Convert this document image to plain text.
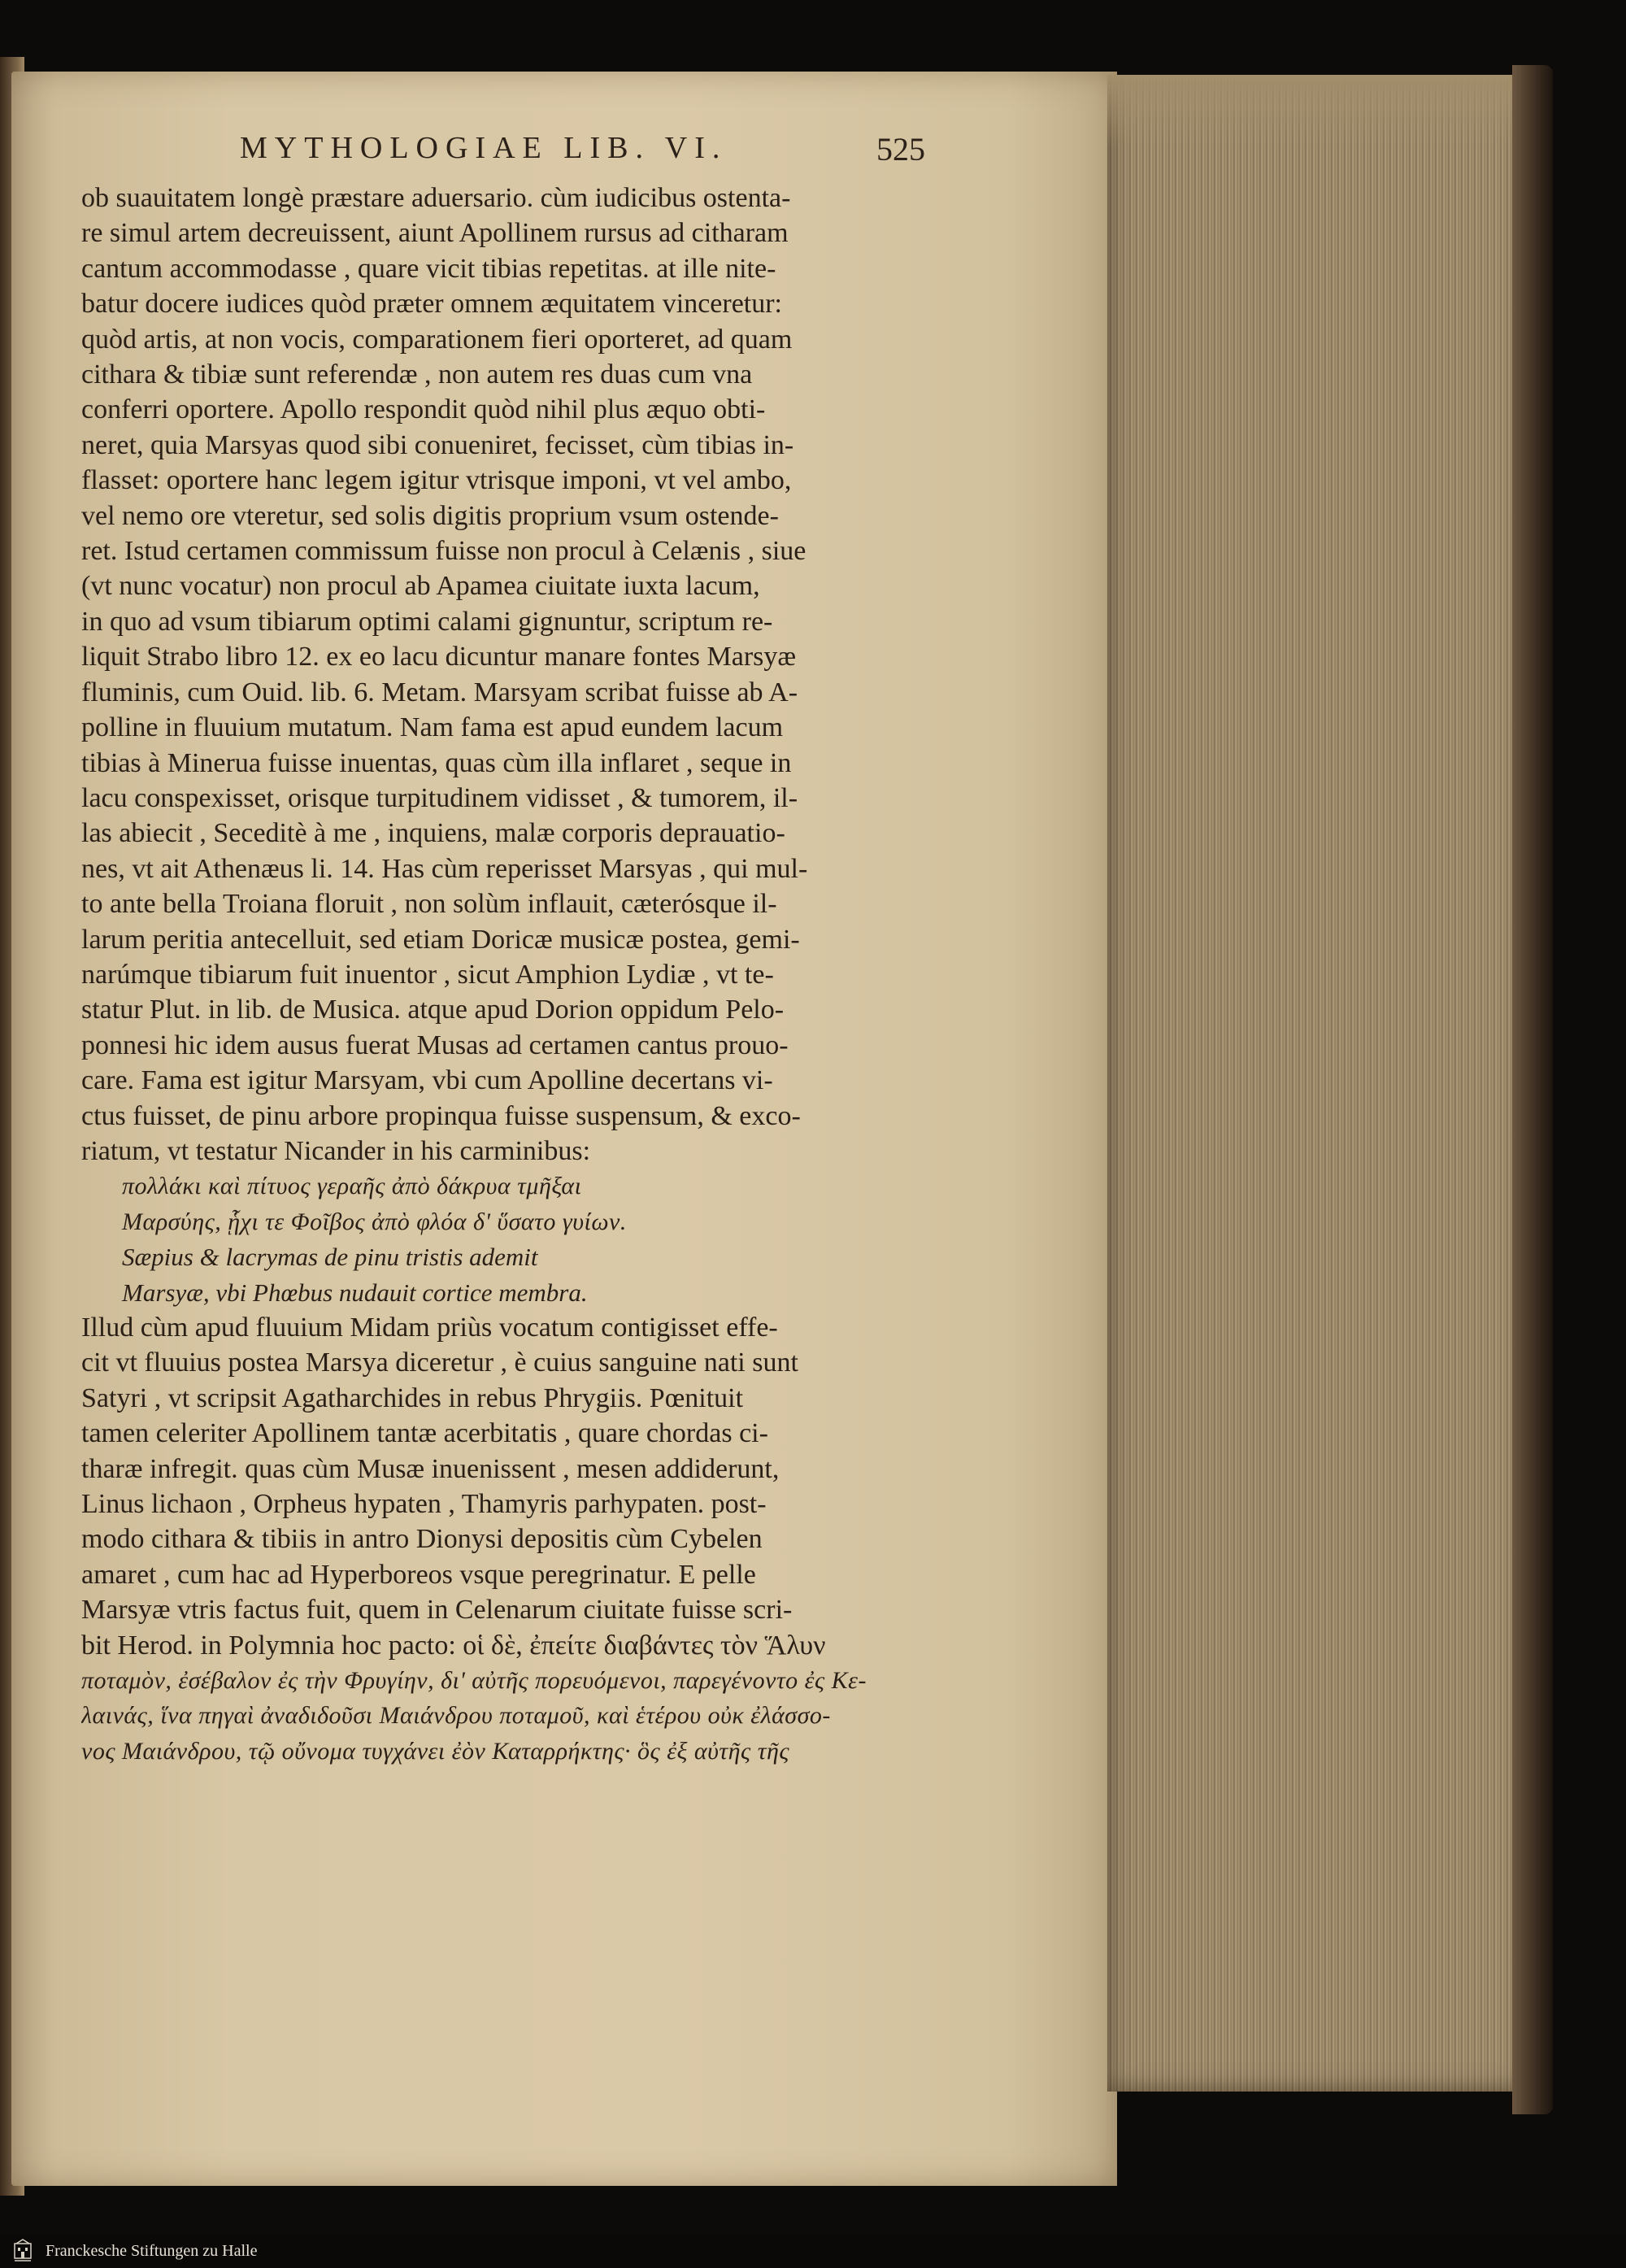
MYTHOLOGIAE LIB. VI.	525
ob suauitatem longè præstare aduersario. cùm iudicibus ostenta-
re simul artem decreuissent, aiunt Apollinem rursus ad citharam
cantum accommodasse , quare vicit tibias repetitas. at ille nite-
batur docere iudices quòd præter omnem æquitatem vinceretur:
quòd artis, at non vocis, comparationem fieri oporteret, ad quam
cithara & tibiæ sunt referendæ , non autem res duas cum vna
conferri oportere. Apollo respondit quòd nihil plus æquo obti-
neret, quia Marsyas quod sibi conueniret, fecisset, cùm tibias in-
flasset: oportere hanc legem igitur vtrisque imponi, vt vel ambo,
vel nemo ore vteretur, sed solis digitis proprium vsum ostende-
ret. Istud certamen commissum fuisse non procul à Celænis , siue
(vt nunc vocatur) non procul ab Apamea ciuitate iuxta lacum,
in quo ad vsum tibiarum optimi calami gignuntur, scriptum re-
liquit Strabo libro 12. ex eo lacu dicuntur manare fontes Marsyæ
fluminis, cum Ouid. lib. 6. Metam. Marsyam scribat fuisse ab A-
polline in fluuium mutatum. Nam fama est apud eundem lacum
tibias à Minerua fuisse inuentas, quas cùm illa inflaret , seque in
lacu conspexisset, orisque turpitudinem vidisset , & tumorem, il-
las abiecit , Seceditè à me , inquiens, malæ corporis deprauatio-
nes, vt ait Athenæus li. 14. Has cùm reperisset Marsyas , qui mul-
to ante bella Troiana floruit , non solùm inflauit, cæterósque il-
larum peritia antecelluit, sed etiam Doricæ musicæ postea, gemi-
narúmque tibiarum fuit inuentor , sicut Amphion Lydiæ , vt te-
statur Plut. in lib. de Musica. atque apud Dorion oppidum Pelo-
ponnesi hic idem ausus fuerat Musas ad certamen cantus prouo-
care. Fama est igitur Marsyam, vbi cum Apolline decertans vi-
ctus fuisset, de pinu arbore propinqua fuisse suspensum, & exco-
riatum, vt testatur Nicander in his carminibus:
πολλάκι καὶ πίτυος γεραῆς ἀπὸ δάκρυα τμῆξαι
Μαρσύης, ᾗχι τε Φοῖβος ἀπὸ φλόα δ' ὕσατο γυίων.
Sæpius & lacrymas de pinu tristis ademit
Marsyæ, vbi Phœbus nudauit cortice membra.
Illud cùm apud fluuium Midam priùs vocatum contigisset effe-
cit vt fluuius postea Marsya diceretur , è cuius sanguine nati sunt
Satyri , vt scripsit Agatharchides in rebus Phrygiis. Pœnituit
tamen celeriter Apollinem tantæ acerbitatis , quare chordas ci-
tharæ infregit. quas cùm Musæ inuenissent , mesen addiderunt,
Linus lichaon , Orpheus hypaten , Thamyris parhypaten. post-
modo cithara & tibiis in antro Dionysi depositis cùm Cybelen
amaret , cum hac ad Hyperboreos vsque peregrinatur. E pelle
Marsyæ vtris factus fuit, quem in Celenarum ciuitate fuisse scri-
bit Herod. in Polymnia hoc pacto: οἱ δὲ, ἐπείτε διαβάντες τὸν Ἅλυν
ποταμὸν, ἐσέβαλον ἐς τὴν Φρυγίην, δι' αὐτῆς πορευόμενοι, παρεγένοντο ἐς Κε-
λαινάς, ἵνα πηγαὶ ἀναδιδοῦσι Μαιάνδρου ποταμοῦ, καὶ ἑτέρου οὐκ ἐλάσσο-
νος Μαιάνδρου, τῷ οὔνομα τυγχάνει ἐὸν Καταρρήκτης· ὃς ἐξ αὐτῆς τῆς
Franckesche Stiftungen zu Halle
